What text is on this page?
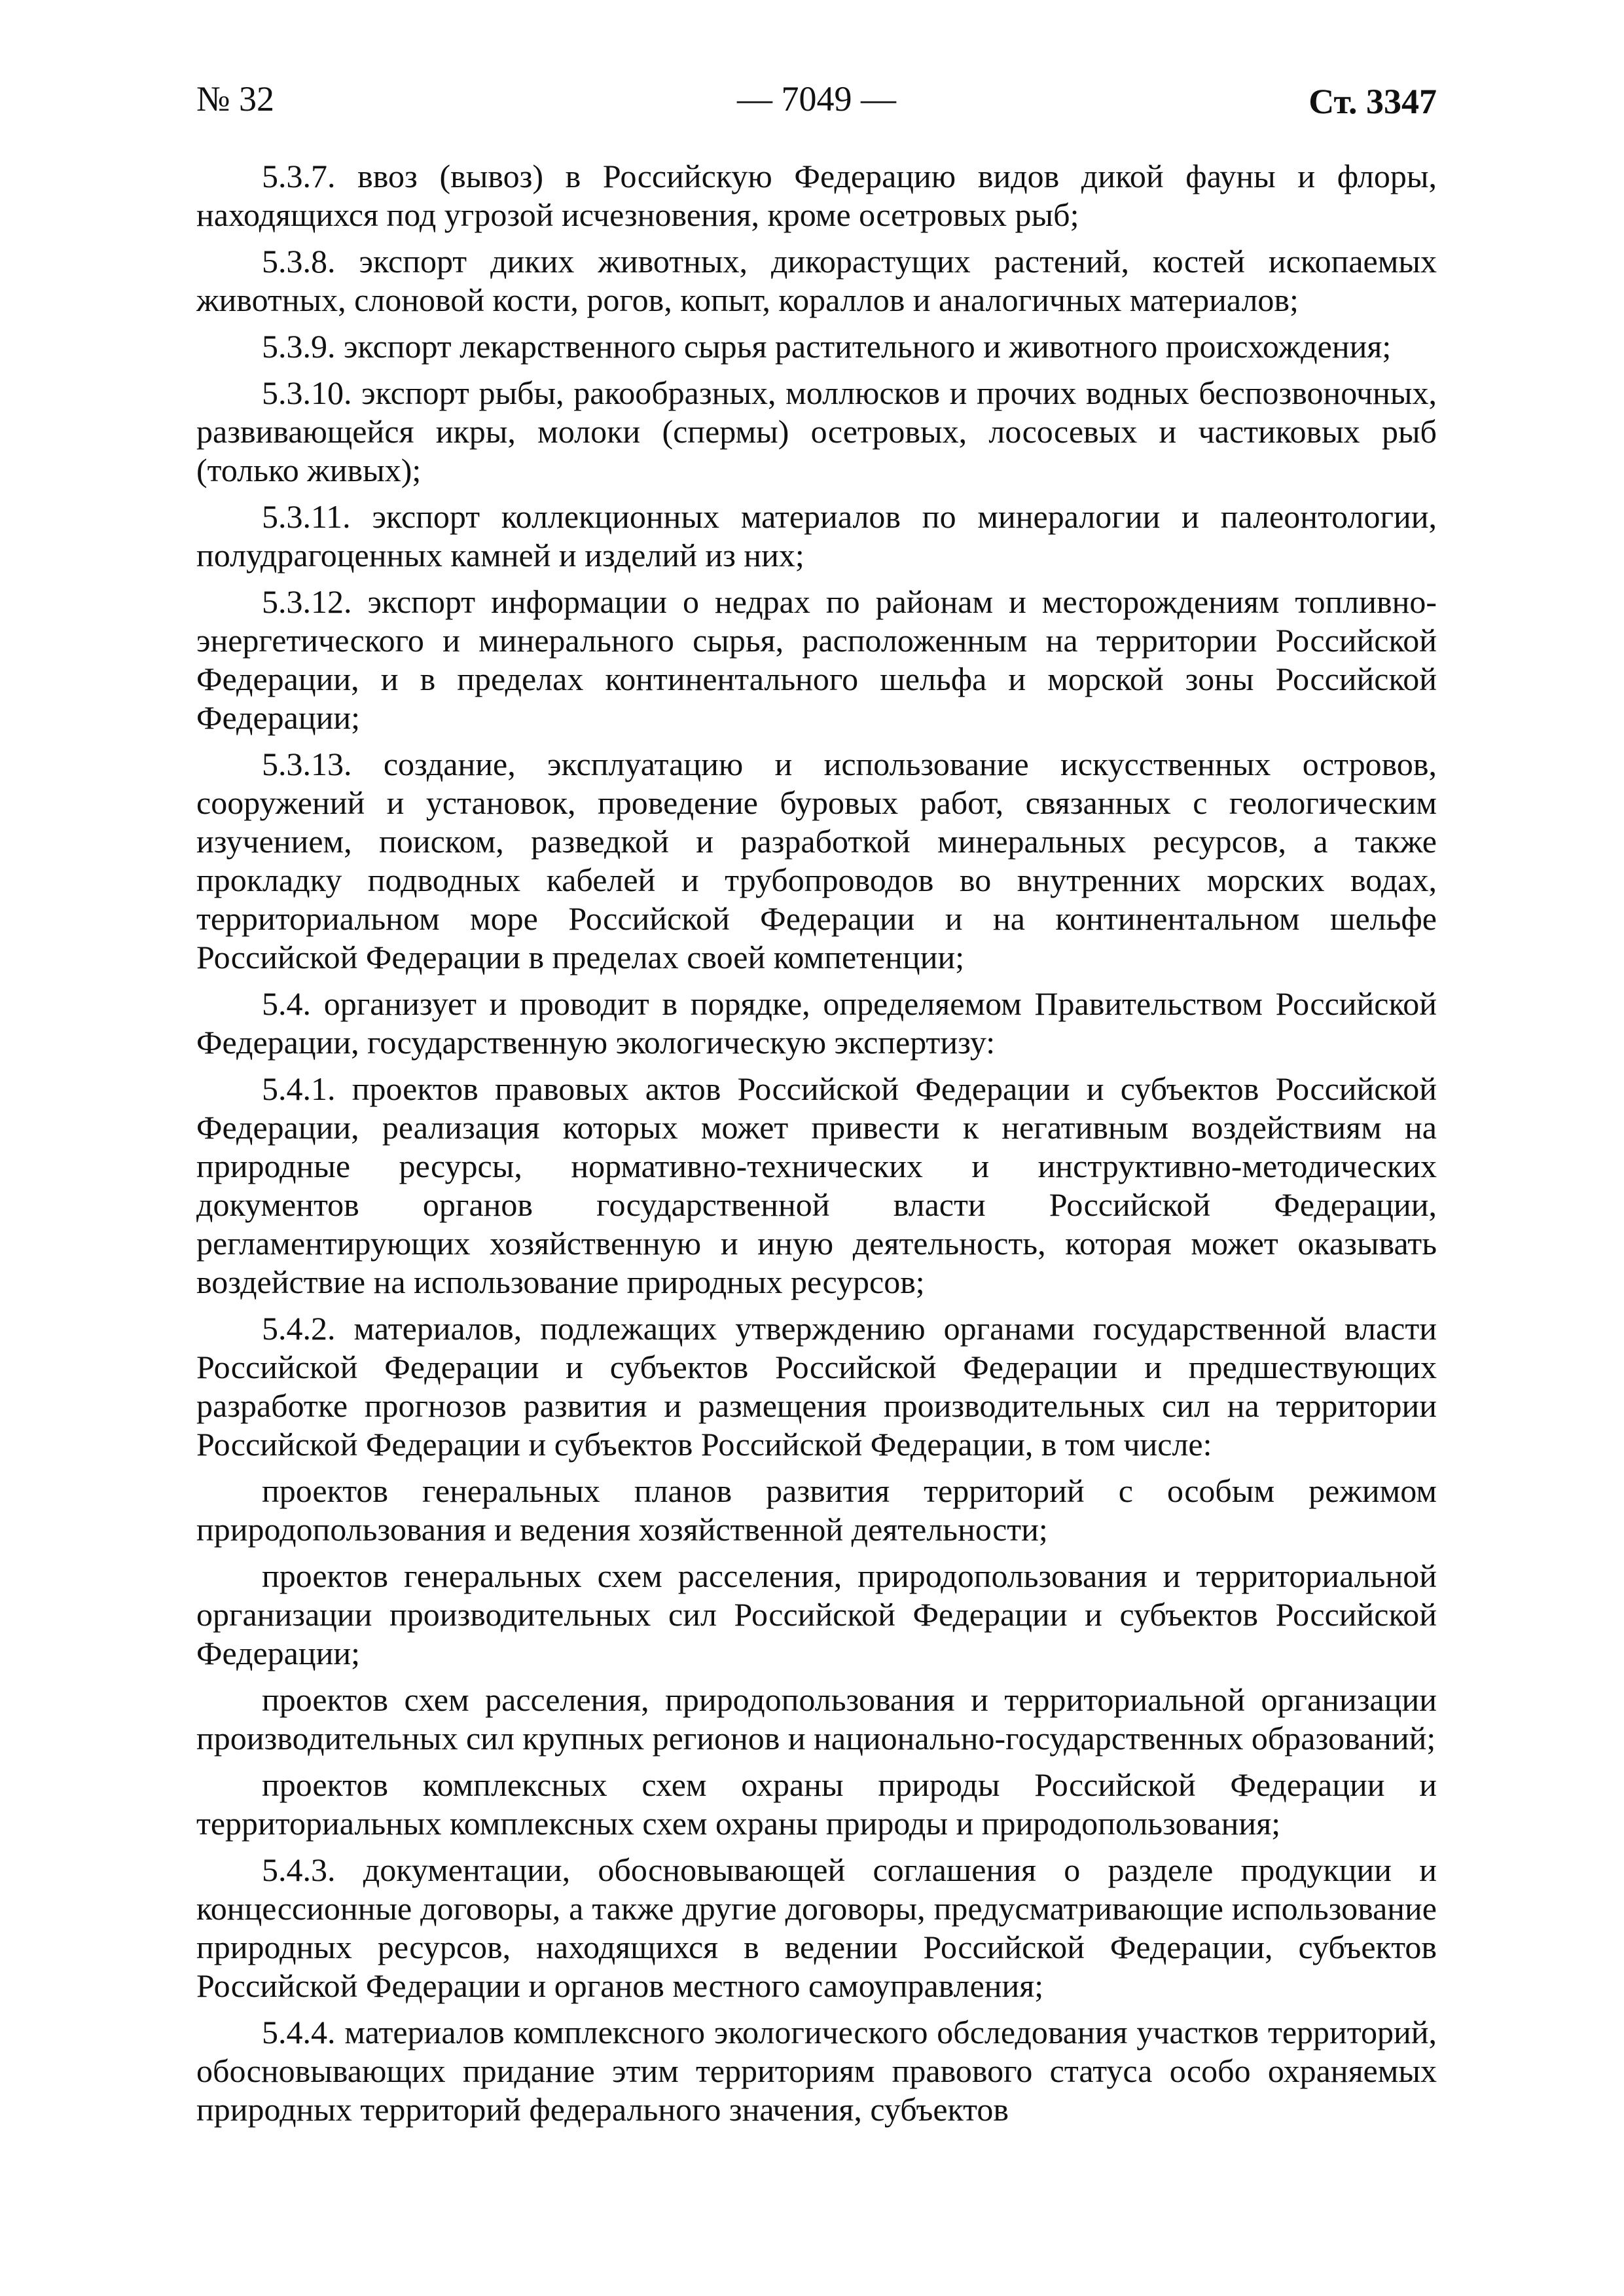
№ 32	— 7049 —	Ст. 3347

5.3.7. ввоз (вывоз) в Российскую Федерацию видов дикой фауны и флоры, находящихся под угрозой исчезновения, кроме осетровых рыб;

5.3.8. экспорт диких животных, дикорастущих растений, костей ископаемых животных, слоновой кости, рогов, копыт, кораллов и аналогичных материалов;

5.3.9. экспорт лекарственного сырья растительного и животного происхождения;

5.3.10. экспорт рыбы, ракообразных, моллюсков и прочих водных беспозвоночных, развивающейся икры, молоки (спермы) осетровых, лососевых и частиковых рыб (только живых);

5.3.11. экспорт коллекционных материалов по минералогии и палеонтологии, полудрагоценных камней и изделий из них;

5.3.12. экспорт информации о недрах по районам и месторождениям топливно-энергетического и минерального сырья, расположенным на территории Российской Федерации, и в пределах континентального шельфа и морской зоны Российской Федерации;

5.3.13. создание, эксплуатацию и использование искусственных островов, сооружений и установок, проведение буровых работ, связанных с геологическим изучением, поиском, разведкой и разработкой минеральных ресурсов, а также прокладку подводных кабелей и трубопроводов во внутренних морских водах, территориальном море Российской Федерации и на континентальном шельфе Российской Федерации в пределах своей компетенции;

5.4. организует и проводит в порядке, определяемом Правительством Российской Федерации, государственную экологическую экспертизу:

5.4.1. проектов правовых актов Российской Федерации и субъектов Российской Федерации, реализация которых может привести к негативным воздействиям на природные ресурсы, нормативно-технических и инструктивно-методических документов органов государственной власти Российской Федерации, регламентирующих хозяйственную и иную деятельность, которая может оказывать воздействие на использование природных ресурсов;

5.4.2. материалов, подлежащих утверждению органами государственной власти Российской Федерации и субъектов Российской Федерации и предшествующих разработке прогнозов развития и размещения производительных сил на территории Российской Федерации и субъектов Российской Федерации, в том числе:

проектов генеральных планов развития территорий с особым режимом природопользования и ведения хозяйственной деятельности;

проектов генеральных схем расселения, природопользования и территориальной организации производительных сил Российской Федерации и субъектов Российской Федерации;

проектов схем расселения, природопользования и территориальной организации производительных сил крупных регионов и национально-государственных образований;

проектов комплексных схем охраны природы Российской Федерации и территориальных комплексных схем охраны природы и природопользования;

5.4.3. документации, обосновывающей соглашения о разделе продукции и концессионные договоры, а также другие договоры, предусматривающие использование природных ресурсов, находящихся в ведении Российской Федерации, субъектов Российской Федерации и органов местного самоуправления;

5.4.4. материалов комплексного экологического обследования участков территорий, обосновывающих придание этим территориям правового статуса особо охраняемых природных территорий федерального значения, субъектов
